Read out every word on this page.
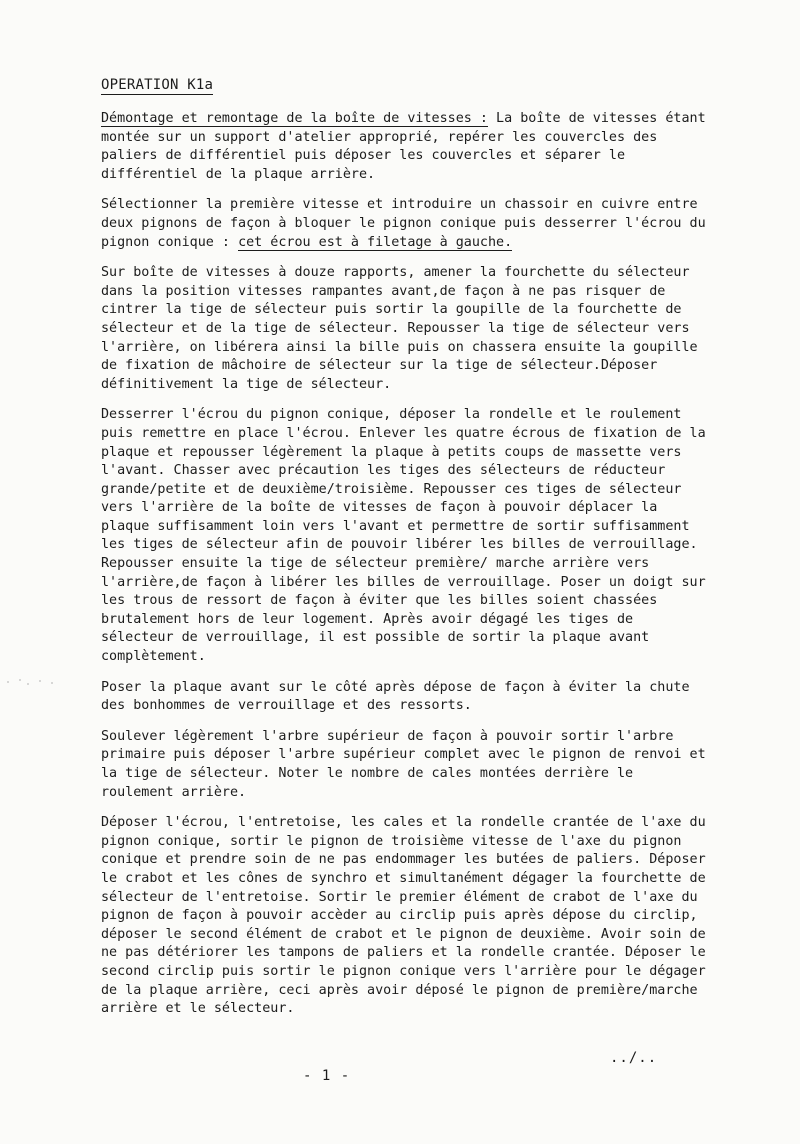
OPERATION K1a

Démontage et remontage de la boîte de vitesses : La boîte de vitesses étant montée sur un support d'atelier approprié, repérer les couvercles des paliers de différentiel puis déposer les couvercles et séparer le différentiel de la plaque arrière.

Sélectionner la première vitesse et introduire un chassoir en cuivre entre deux pignons de façon à bloquer le pignon conique puis desserrer l'écrou du pignon conique : cet écrou est à filetage à gauche.

Sur boîte de vitesses à douze rapports, amener la fourchette du sélecteur dans la position vitesses rampantes avant,de façon à ne pas risquer de cintrer la tige de sélecteur puis sortir la goupille de la fourchette de sélecteur et de la tige de sélecteur. Repousser la tige de sélecteur vers l'arrière, on libérera ainsi la bille puis on chassera ensuite la goupille de fixation de mâchoire de sélecteur sur la tige de sélecteur.Déposer définitivement la tige de sélecteur.

Desserrer l'écrou du pignon conique, déposer la rondelle et le roulement puis remettre en place l'écrou. Enlever les quatre écrous de fixation de la plaque et repousser légèrement la plaque à petits coups de massette vers l'avant. Chasser avec précaution les tiges des sélecteurs de réducteur grande/petite et de deuxième/troisième. Repousser ces tiges de sélecteur vers l'arrière de la boîte de vitesses de façon à pouvoir déplacer la plaque suffisamment loin vers l'avant et permettre de sortir suffisamment les tiges de sélecteur afin de pouvoir libérer les billes de verrouillage. Repousser ensuite la tige de sélecteur première/ marche arrière vers l'arrière,de façon à libérer les billes de verrouillage. Poser un doigt sur les trous de ressort de façon à éviter que les billes soient chassées brutalement hors de leur logement. Après avoir dégagé les tiges de sélecteur de verrouillage, il est possible de sortir la plaque avant complètement.

Poser la plaque avant sur le côté après dépose de façon à éviter la chute des bonhommes de verrouillage et des ressorts.

Soulever légèrement l'arbre supérieur de façon à pouvoir sortir l'arbre primaire puis déposer l'arbre supérieur complet avec le pignon de renvoi et la tige de sélecteur. Noter le nombre de cales montées derrière le roulement arrière.

Déposer l'écrou, l'entretoise, les cales et la rondelle crantée de l'axe du pignon conique, sortir le pignon de troisième vitesse de l'axe du pignon conique et prendre soin de ne pas endommager les butées de paliers. Déposer le crabot et les cônes de synchro et simultanément dégager la fourchette de sélecteur de l'entretoise. Sortir le premier élément de crabot de l'axe du pignon de façon à pouvoir accèder au circlip puis après dépose du circlip, déposer le second élément de crabot et le pignon de deuxième. Avoir soin de ne pas détériorer les tampons de paliers et la rondelle crantée. Déposer le second circlip puis sortir le pignon conique vers l'arrière pour le dégager de la plaque arrière, ceci après avoir déposé le pignon de première/marche arrière et le sélecteur.

../..
- 1 -
